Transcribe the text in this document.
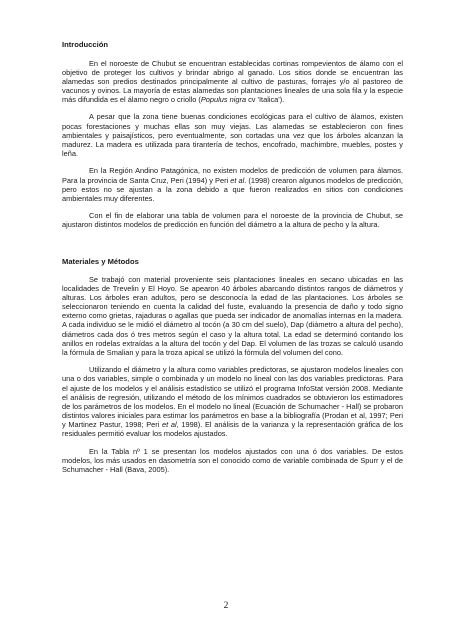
Introducción

En el noroeste de Chubut se encuentran establecidas cortinas rompevientos de álamo con el objetivo de proteger los cultivos y brindar abrigo al ganado. Los sitios donde se encuentran las alamedas son predios destinados principalmente al cultivo de pasturas, forrajes y/o al pastoreo de vacunos y ovinos. La mayoría de estas alamedas son plantaciones lineales de una sola fila y la especie más difundida es el álamo negro o criollo (Populus nigra cv 'Italica').

A pesar que la zona tiene buenas condiciones ecológicas para el cultivo de álamos, existen pocas forestaciones y muchas ellas son muy viejas. Las alamedas se establecieron con fines ambientales y paisajísticos, pero eventualmente, son cortadas una vez que los árboles alcanzan la madurez. La madera es utilizada para tirantería de techos, encofrado, machimbre, muebles, postes y leña.

En la Región Andino Patagónica, no existen modelos de predicción de volumen para álamos. Para la provincia de Santa Cruz, Peri (1994) y Peri et al. (1998) crearon algunos modelos de predicción, pero estos no se ajustan a la zona debido a que fueron realizados en sitios con condiciones ambientales muy diferentes.

Con el fin de elaborar una tabla de volumen para el noroeste de la provincia de Chubut, se ajustaron distintos modelos de predicción en función del diámetro a la altura de pecho y la altura.

Materiales y Métodos

Se trabajó con material proveniente seis plantaciones lineales en secano ubicadas en las localidades de Trevelin y El Hoyo. Se apearon 40 árboles abarcando distintos rangos de diámetros y alturas. Los árboles eran adultos, pero se desconocía la edad de las plantaciones. Los árboles se seleccionaron teniendo en cuenta la calidad del fuste, evaluando la presencia de daño y todo signo externo como grietas, rajaduras o agallas que pueda ser indicador de anomalías internas en la madera. A cada individuo se le midió el diámetro al tocón (a 30 cm del suelo), Dap (diámetro a altura del pecho), diámetros cada dos ó tres metros según el caso y la altura total. La edad se determinó contando los anillos en rodelas extraídas a la altura del tocón y del Dap. El volumen de las trozas se calculó usando la fórmula de Smalian y para la troza apical se utilizó la fórmula del volumen del cono.

Utilizando el diámetro y la altura como variables predictoras, se ajustaron modelos lineales con una o dos variables, simple o combinada y un modelo no lineal con las dos variables predictoras. Para el ajuste de los modelos y el análisis estadístico se utilizó el programa InfoStat versión 2008. Mediante el análisis de regresión, utilizando el método de los mínimos cuadrados se obtuvieron los estimadores de los parámetros de los modelos. En el modelo no lineal (Ecuación de Schumacher - Hall) se probaron distintos valores iniciales para estimar los parámetros en base a la bibliografía (Prodan et al, 1997; Peri y Martinez Pastur, 1998; Peri et al, 1998). El análisis de la varianza y la representación gráfica de los residuales permitió evaluar los modelos ajustados.

En la Tabla nº 1 se presentan los modelos ajustados con una ó dos variables. De estos modelos, los más usados en dasometría son el conocido como de variable combinada de Spurr y el de Schumacher - Hall (Bava, 2005).

2
